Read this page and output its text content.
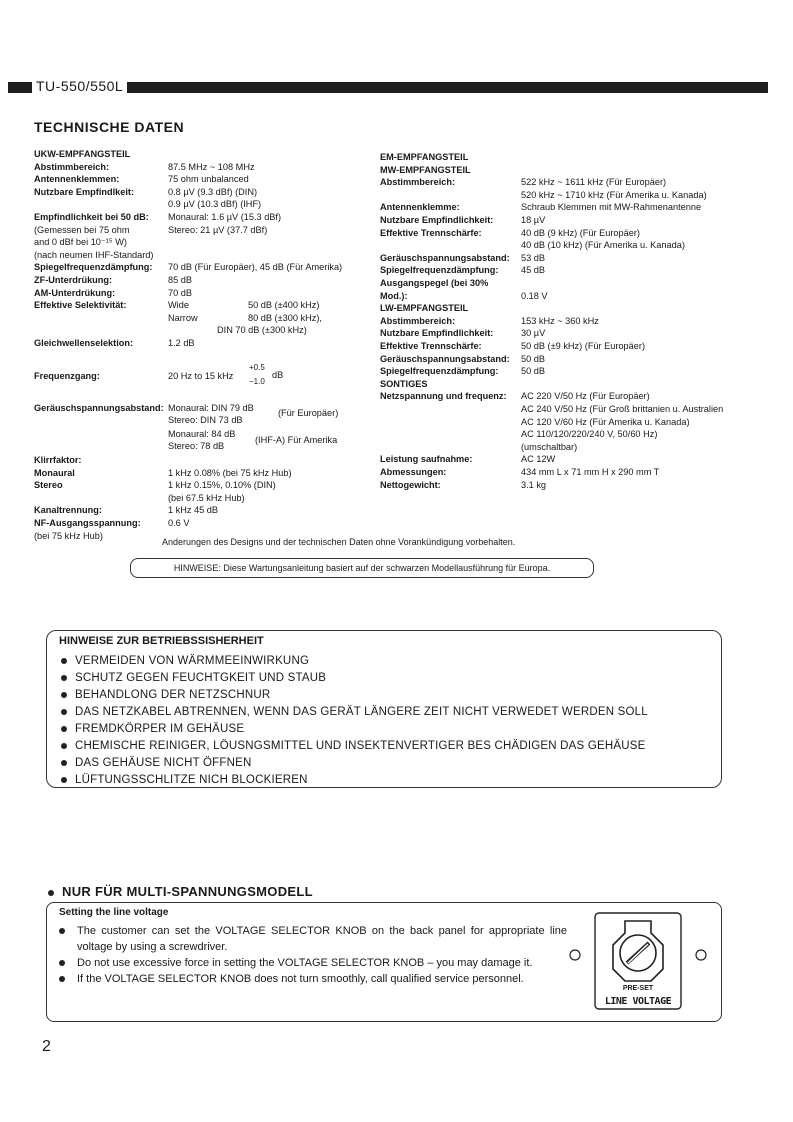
TU-550/550L
TECHNISCHE DATEN
UKW-EMPFANGSTEIL
Abstimmbereich:	87.5 MHz ~ 108 MHz
Antennenklemmen:	75 ohm unbalanced
Nutzbare Empfindlkeit:	0.8 µV (9.3 dBf) (DIN)
0.9 µV (10.3 dBf) (IHF)
Empfindlichkeit bei 50 dB: Monaural: 1.6 µV (15.3 dBf)
(Gemessen bei 75 ohm	Stereo: 21 µV (37.7 dBf)
and 0 dBf bei 10⁻¹⁵ W)
(nach neumen IHF-Standard)
Spiegelfrequenzdämpfung: 70 dB (Für Europäer), 45 dB (Für Amerika)
ZF-Unterdrükung:	85 dB
AM-Unterdrükung:	70 dB
Effektive Selektivität:	Wide	50 dB (±400 kHz)
Narrow	80 dB (±300 kHz),
DIN 70 dB (±300 kHz)
Gleichwellenselektion:	1.2 dB
Frequenzgang:	20 Hz to 15 kHz
+0.5
−1.0
dB
Geräuschspannungsabstand: Monaural: DIN 79 dB
Stereo: DIN 73 dB
(Für Europäer)
Monaural: 84 dB
Stereo: 78 dB
(IHF-A) Für Amerika
Klirrfaktor:
Monaural	1 kHz 0.08% (bei 75 kHz Hub)
Stereo	1 kHz 0.15%, 0.10% (DIN)
(bei 67.5 kHz Hub)
Kanaltrennung:	1 kHz 45 dB
NF-Ausgangsspannung:	0.6 V
(bei 75 kHz Hub)
EM-EMPFANGSTEIL
MW-EMPFANGSTEIL
Abstimmbereich:	522 kHz ~ 1611 kHz (Für Europäer)
520 kHz ~ 1710 kHz (Für Amerika u. Kanada)
Antennenklemme:	Schraub Klemmen mit MW-Rahmenantenne
Nutzbare Empfindlichkeit:	18 µV
Effektive Trennschärfe:	40 dB (9 kHz) (Für Europäer)
40 dB (10 kHz) (Für Amerika u. Kanada)
Geräuschspannungsabstand: 53 dB
Spiegelfrequenzdämpfung: 45 dB
Ausgangspegel (bei 30%
Mod.):	0.18 V
LW-EMPFANGSTEIL
Abstimmbereich:	153 kHz ~ 360 kHz
Nutzbare Empfindlichkeit:	30 µV
Effektive Trennschärfe:	50 dB (±9 kHz) (Für Europäer)
Geräuschspannungsabstand: 50 dB
Spiegelfrequenzdämpfung: 50 dB
SONTIGES
Netzspannung und frequenz: AC 220 V/50 Hz (Für Europäer)
AC 240 V/50 Hz (Für Groß brittanien u. Australien
AC 120 V/60 Hz (Für Amerika u. Kanada)
AC 110/120/220/240 V, 50/60 Hz)
(umschaltbar)
Leistung saufnahme:	AC 12W
Abmessungen:	434 mm L x 71 mm H x 290 mm T
Nettogewicht:	3.1 kg
Anderungen des Designs und der technischen Daten ohne Vorankündigung vorbehalten.
HINWEISE: Diese Wartungsanleitung basiert auf der schwarzen Modellausführung für Europa.
HINWEISE ZUR BETRIEBSSISHERHEIT
VERMEIDEN VON WÄRMMEEINWIRKUNG
SCHUTZ GEGEN FEUCHTGKEIT UND STAUB
BEHANDLONG DER NETZSCHNUR
DAS NETZKABEL ABTRENNEN, WENN DAS GERÄT LÄNGERE ZEIT NICHT VERWEDET WERDEN SOLL
FREMDKÖRPER IM GEHÄUSE
CHEMISCHE REINIGER, LÖUSNGSMITTEL UND INSEKTENVERTIGER BES CHÄDIGEN DAS GEHÄUSE
DAS GEHÄUSE NICHT ÖFFNEN
LÜFTUNGSSCHLITZE NICH BLOCKIEREN
NUR FÜR MULTI-SPANNUNGSMODELL
Setting the line voltage
The customer can set the VOLTAGE SELECTOR KNOB on the back panel for appropriate line voltage by using a screwdriver.
Do not use excessive force in setting the VOLTAGE SELECTOR KNOB – you may damage it.
If the VOLTAGE SELECTOR KNOB does not turn smoothly, call qualified service personnel.
PRE-SET
LINE VOLTAGE
2
